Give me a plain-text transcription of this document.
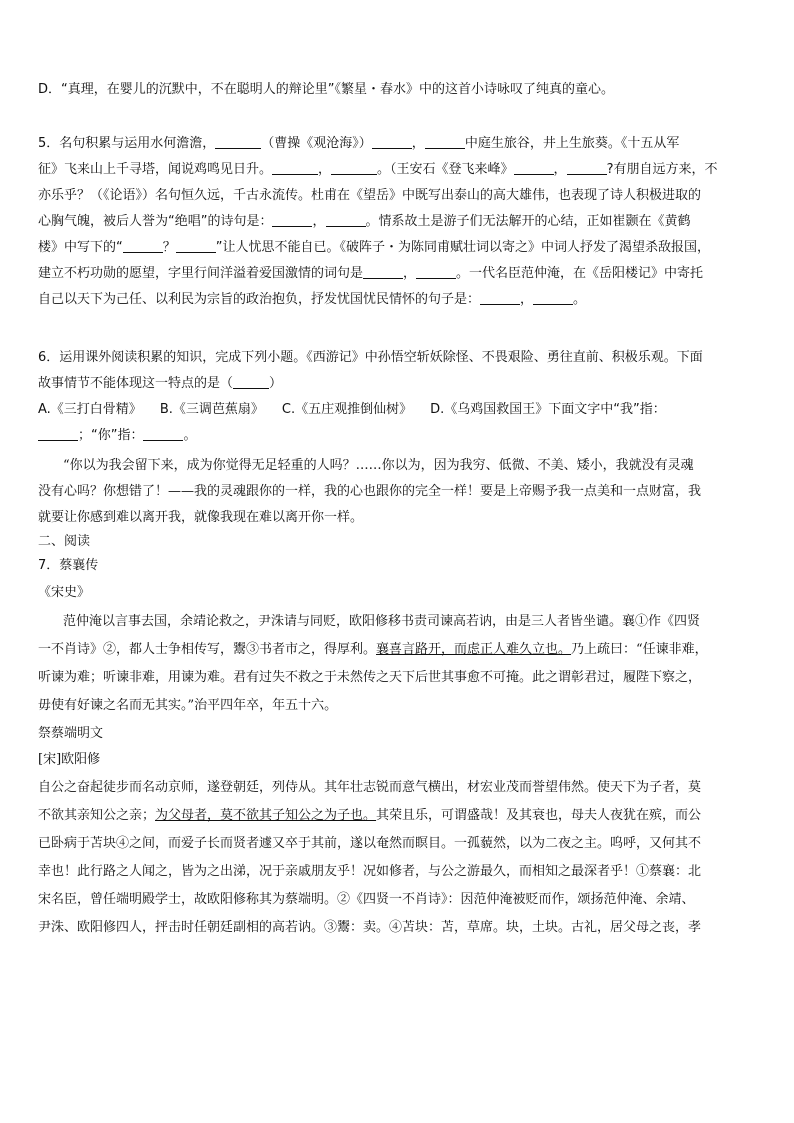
D．“真理，在婴儿的沉默中，不在聪明人的辩论里”《繁星・春水》中的这首小诗咏叹了纯真的童心。
5．名句积累与运用水何澹澹，	（曹操《观沧海》）	，	中庭生旅谷，井上生旅葵。《十五从军
征》飞来山上千寻塔，闻说鸡鸣见日升。	，	。（王安石《登飞来峰》	，	?有朋自远方来，不
亦乐乎？（《论语》）名句恒久远，千古永流传。杜甫在《望岳》中既写出泰山的高大雄伟，也表现了诗人积极进取的
心胸气魄，被后人誉为“绝唱”的诗句是：	，	。情系故土是游子们无法解开的心结，正如崔颢在《黄鹤
楼》中写下的“	？	”让人忧思不能自已。《破阵子・为陈同甫赋壮词以寄之》中词人抒发了渴望杀敌报国，
建立不朽功勋的愿望，字里行间洋溢着爱国激情的词句是	，	。一代名臣范仲淹，在《岳阳楼记》中寄托
自己以天下为己任、以利民为宗旨的政治抱负，抒发忧国忧民情怀的句子是：	，	。
6．运用课外阅读积累的知识，完成下列小题。《西游记》中孙悟空斩妖除怪、不畏艰险、勇往直前、积极乐观。下面
故事情节不能体现这一特点的是（	）
A.《三打白骨精》 B.《三调芭蕉扇》 C.《五庄观推倒仙树》 D.《乌鸡国救国王》下面文字中“我”指：
；“你”指：	。
“你以为我会留下来，成为你觉得无足轻重的人吗？……你以为，因为我穷、低微、不美、矮小，我就没有灵魂
没有心吗？你想错了！——我的灵魂跟你的一样，我的心也跟你的完全一样！要是上帝赐予我一点美和一点财富，我
就要让你感到难以离开我，就像我现在难以离开你一样。
二、阅读
7．蔡襄传
《宋史》
范仲淹以言事去国，余靖论救之，尹洙请与同贬，欧阳修移书责司谏高若讷，由是三人者皆坐谴。襄①作《四贤
一不肖诗》②，都人士争相传写，鬻③书者市之，得厚利。襄喜言路开，而虑正人难久立也。乃上疏曰：“任谏非难，
听谏为难；听谏非难，用谏为难。君有过失不救之于未然传之天下后世其事愈不可掩。此之谓彰君过，履陛下察之，
毋使有好谏之名而无其实。”治平四年卒，年五十六。
祭蔡端明文
[宋]欧阳修
自公之奋起徒步而名动京师，遂登朝廷，列侍从。其年壮志锐而意气横出，材宏业茂而誉望伟然。使天下为子者，莫
不欲其亲知公之亲；为父母者，莫不欲其子知公之为子也。其荣且乐，可谓盛哉！及其衰也，母夫人夜犹在殡，而公
已卧病于苫块④之间，而爱子长而贤者遽又卒于其前，遂以奄然而瞑目。一孤藐然，以为二夜之主。呜呼，又何其不
幸也！此行路之人闻之，皆为之出涕，况于亲戚朋友乎！况如修者，与公之游最久，而相知之最深者乎！①蔡襄：北
宋名臣，曾任端明殿学士，故欧阳修称其为蔡端明。②《四贤一不肖诗》：因范仲淹被贬而作，颂扬范仲淹、余靖、
尹洙、欧阳修四人，抨击时任朝廷副相的高若讷。③鬻：卖。④苫块：苫，草席。块，土块。古礼，居父母之丧，孝
